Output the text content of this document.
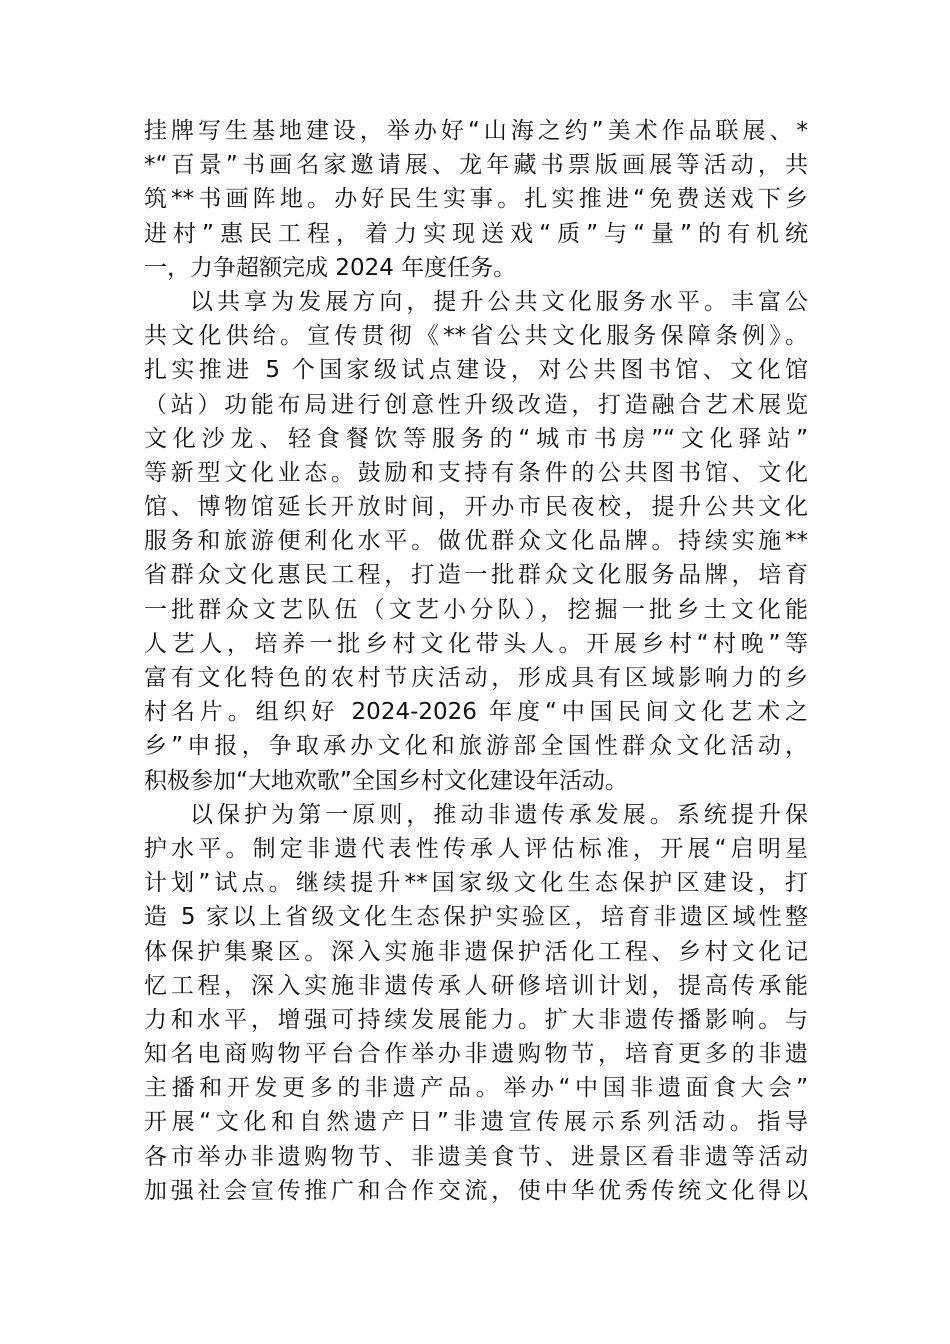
挂牌写生基地建设，举办好“山海之约”美术作品联展、*
*“百景”书画名家邀请展、龙年藏书票版画展等活动，共
筑**书画阵地。办好民生实事。扎实推进“免费送戏下乡
进村”惠民工程，着力实现送戏“质”与“量”的有机统
一，力争超额完成 2024 年度任务。
以共享为发展方向，提升公共文化服务水平。丰富公
共文化供给。宣传贯彻《**省公共文化服务保障条例》。
扎实推进 5 个国家级试点建设，对公共图书馆、文化馆
（站）功能布局进行创意性升级改造，打造融合艺术展览
文化沙龙、轻食餐饮等服务的“城市书房”“文化驿站”
等新型文化业态。鼓励和支持有条件的公共图书馆、文化
馆、博物馆延长开放时间，开办市民夜校，提升公共文化
服务和旅游便利化水平。做优群众文化品牌。持续实施**
省群众文化惠民工程，打造一批群众文化服务品牌，培育
一批群众文艺队伍（文艺小分队），挖掘一批乡土文化能
人艺人，培养一批乡村文化带头人。开展乡村“村晚”等
富有文化特色的农村节庆活动，形成具有区域影响力的乡
村名片。组织好 2024-2026 年度“中国民间文化艺术之
乡”申报，争取承办文化和旅游部全国性群众文化活动，
积极参加“大地欢歌”全国乡村文化建设年活动。
以保护为第一原则，推动非遗传承发展。系统提升保
护水平。制定非遗代表性传承人评估标准，开展“启明星
计划”试点。继续提升**国家级文化生态保护区建设，打
造 5 家以上省级文化生态保护实验区，培育非遗区域性整
体保护集聚区。深入实施非遗保护活化工程、乡村文化记
忆工程，深入实施非遗传承人研修培训计划，提高传承能
力和水平，增强可持续发展能力。扩大非遗传播影响。与
知名电商购物平台合作举办非遗购物节，培育更多的非遗
主播和开发更多的非遗产品。举办“中国非遗面食大会”
开展“文化和自然遗产日”非遗宣传展示系列活动。指导
各市举办非遗购物节、非遗美食节、进景区看非遗等活动
加强社会宣传推广和合作交流，使中华优秀传统文化得以
